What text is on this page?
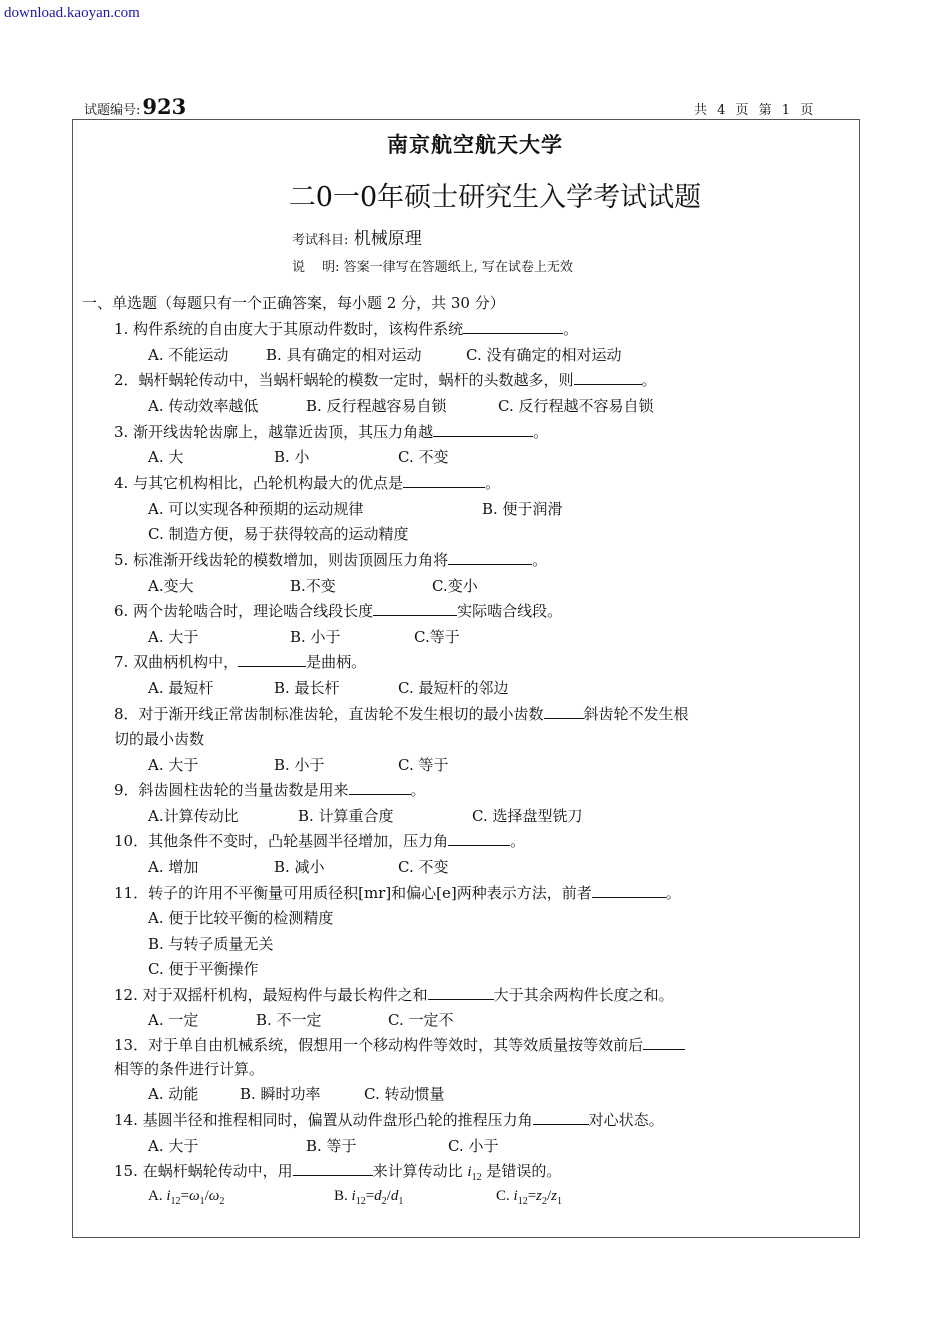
download.kaoyan.com
试题编号:923	共 4 页 第 1 页
南京航空航天大学
二0一0年硕士研究生入学考试试题
考试科目: 机械原理
说　 明: 答案一律写在答题纸上, 写在试卷上无效
一、单选题（每题只有一个正确答案，每小题 2 分，共 30 分）
1. 构件系统的自由度大于其原动件数时，该构件系统	。
A. 不能运动	B. 具有确定的相对运动	C. 没有确定的相对运动
2．蜗杆蜗轮传动中，当蜗杆蜗轮的模数一定时，蜗杆的头数越多，则	。
A. 传动效率越低	B. 反行程越容易自锁	C. 反行程越不容易自锁
3. 渐开线齿轮齿廓上，越靠近齿顶，其压力角越	。
A. 大	B. 小	C. 不变
4. 与其它机构相比，凸轮机构最大的优点是	。
A. 可以实现各种预期的运动规律	B. 便于润滑
C. 制造方便，易于获得较高的运动精度
5. 标准渐开线齿轮的模数增加，则齿顶圆压力角将	。
A.变大	B.不变	C.变小
6. 两个齿轮啮合时，理论啮合线段长度	实际啮合线段。
A. 大于	B. 小于	C.等于
7. 双曲柄机构中，	是曲柄。
A. 最短杆	B. 最长杆	C. 最短杆的邻边
8．对于渐开线正常齿制标准齿轮，直齿轮不发生根切的最小齿数	斜齿轮不发生根
切的最小齿数
A. 大于	B. 小于	C. 等于
9．斜齿圆柱齿轮的当量齿数是用来	。
A.计算传动比	B. 计算重合度	C. 选择盘型铣刀
10．其他条件不变时，凸轮基圆半径增加，压力角	。
A. 增加	B. 减小	C. 不变
11．转子的许用不平衡量可用质径积[mr]和偏心[e]两种表示方法，前者	。
A. 便于比较平衡的检测精度
B. 与转子质量无关
C. 便于平衡操作
12. 对于双摇杆机构，最短构件与最长构件之和	大于其余两构件长度之和。
A. 一定	B. 不一定	C. 一定不
13．对于单自由机械系统，假想用一个移动构件等效时，其等效质量按等效前后
相等的条件进行计算。
A. 动能	B. 瞬时功率	C. 转动惯量
14. 基圆半径和推程相同时，偏置从动件盘形凸轮的推程压力角	对心状态。
A. 大于	B. 等于	C. 小于
15. 在蜗杆蜗轮传动中，用	来计算传动比 $i_{12}$ 是错误的。
A. $i_{12}=\omega_1/\omega_2$	B. $i_{12}=d_2/d_1$	C. $i_{12}=z_2/z_1$
